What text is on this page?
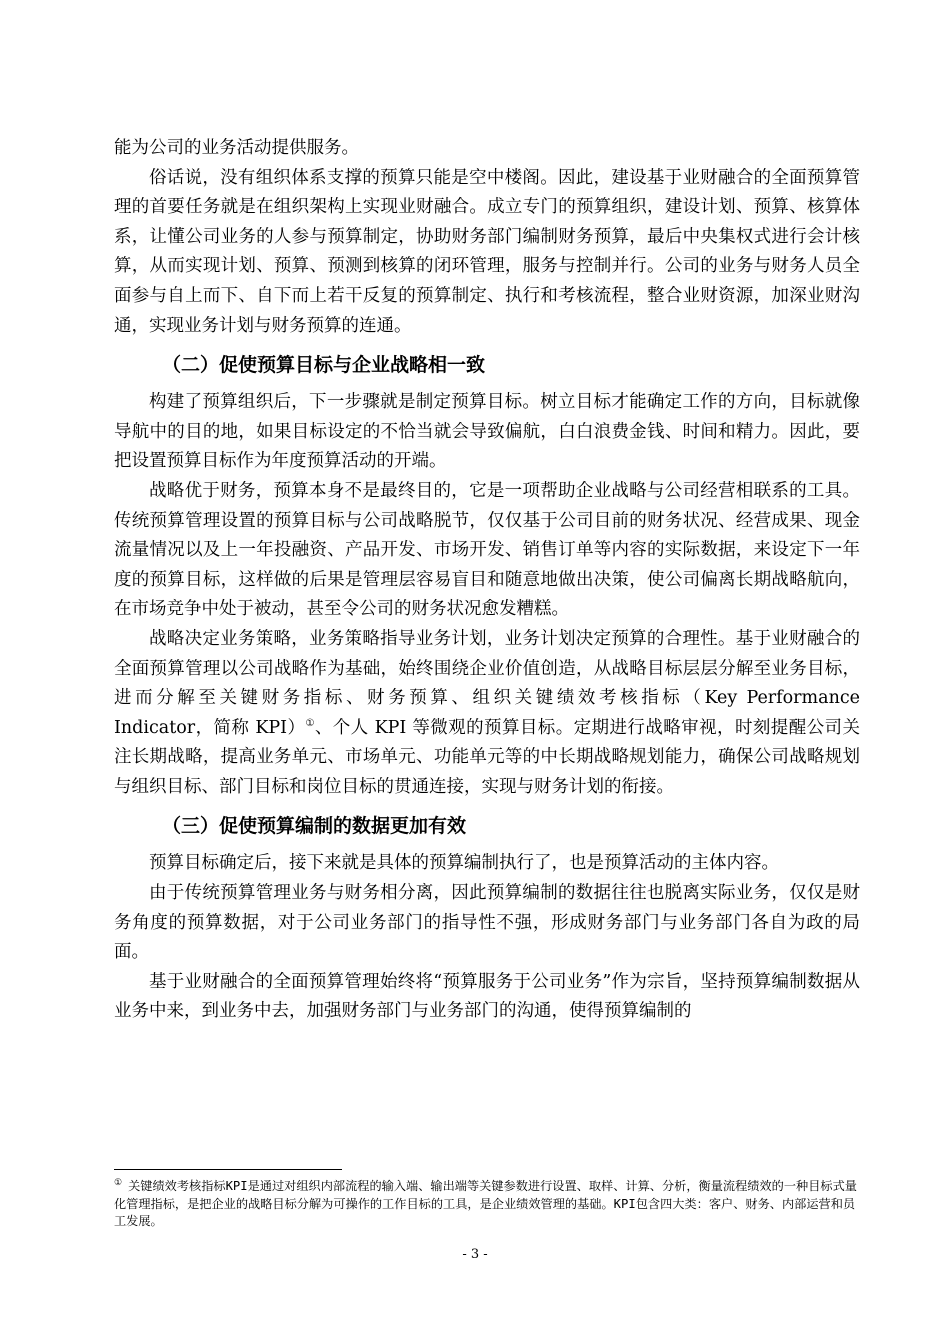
能为公司的业务活动提供服务。

俗话说，没有组织体系支撑的预算只能是空中楼阁。因此，建设基于业财融合的全面预算管理的首要任务就是在组织架构上实现业财融合。成立专门的预算组织，建设计划、预算、核算体系，让懂公司业务的人参与预算制定，协助财务部门编制财务预算，最后中央集权式进行会计核算，从而实现计划、预算、预测到核算的闭环管理，服务与控制并行。公司的业务与财务人员全面参与自上而下、自下而上若干反复的预算制定、执行和考核流程，整合业财资源，加深业财沟通，实现业务计划与财务预算的连通。

（二）促使预算目标与企业战略相一致

构建了预算组织后，下一步骤就是制定预算目标。树立目标才能确定工作的方向，目标就像导航中的目的地，如果目标设定的不恰当就会导致偏航，白白浪费金钱、时间和精力。因此，要把设置预算目标作为年度预算活动的开端。

战略优于财务，预算本身不是最终目的，它是一项帮助企业战略与公司经营相联系的工具。传统预算管理设置的预算目标与公司战略脱节，仅仅基于公司目前的财务状况、经营成果、现金流量情况以及上一年投融资、产品开发、市场开发、销售订单等内容的实际数据，来设定下一年度的预算目标，这样做的后果是管理层容易盲目和随意地做出决策，使公司偏离长期战略航向，在市场竞争中处于被动，甚至令公司的财务状况愈发糟糕。

战略决定业务策略，业务策略指导业务计划，业务计划决定预算的合理性。基于业财融合的全面预算管理以公司战略作为基础，始终围绕企业价值创造，从战略目标层层分解至业务目标，进而分解至关键财务指标、财务预算、组织关键绩效考核指标（Key Performance Indicator，简称 KPI）①、个人 KPI 等微观的预算目标。定期进行战略审视，时刻提醒公司关注长期战略，提高业务单元、市场单元、功能单元等的中长期战略规划能力，确保公司战略规划与组织目标、部门目标和岗位目标的贯通连接，实现与财务计划的衔接。

（三）促使预算编制的数据更加有效

预算目标确定后，接下来就是具体的预算编制执行了，也是预算活动的主体内容。

由于传统预算管理业务与财务相分离，因此预算编制的数据往往也脱离实际业务，仅仅是财务角度的预算数据，对于公司业务部门的指导性不强，形成财务部门与业务部门各自为政的局面。

基于业财融合的全面预算管理始终将“预算服务于公司业务”作为宗旨，坚持预算编制数据从业务中来，到业务中去，加强财务部门与业务部门的沟通，使得预算编制的

① 关键绩效考核指标KPI是通过对组织内部流程的输入端、输出端等关键参数进行设置、取样、计算、分析，衡量流程绩效的一种目标式量化管理指标，是把企业的战略目标分解为可操作的工作目标的工具，是企业绩效管理的基础。KPI包含四大类：客户、财务、内部运营和员工发展。
- 3 -
